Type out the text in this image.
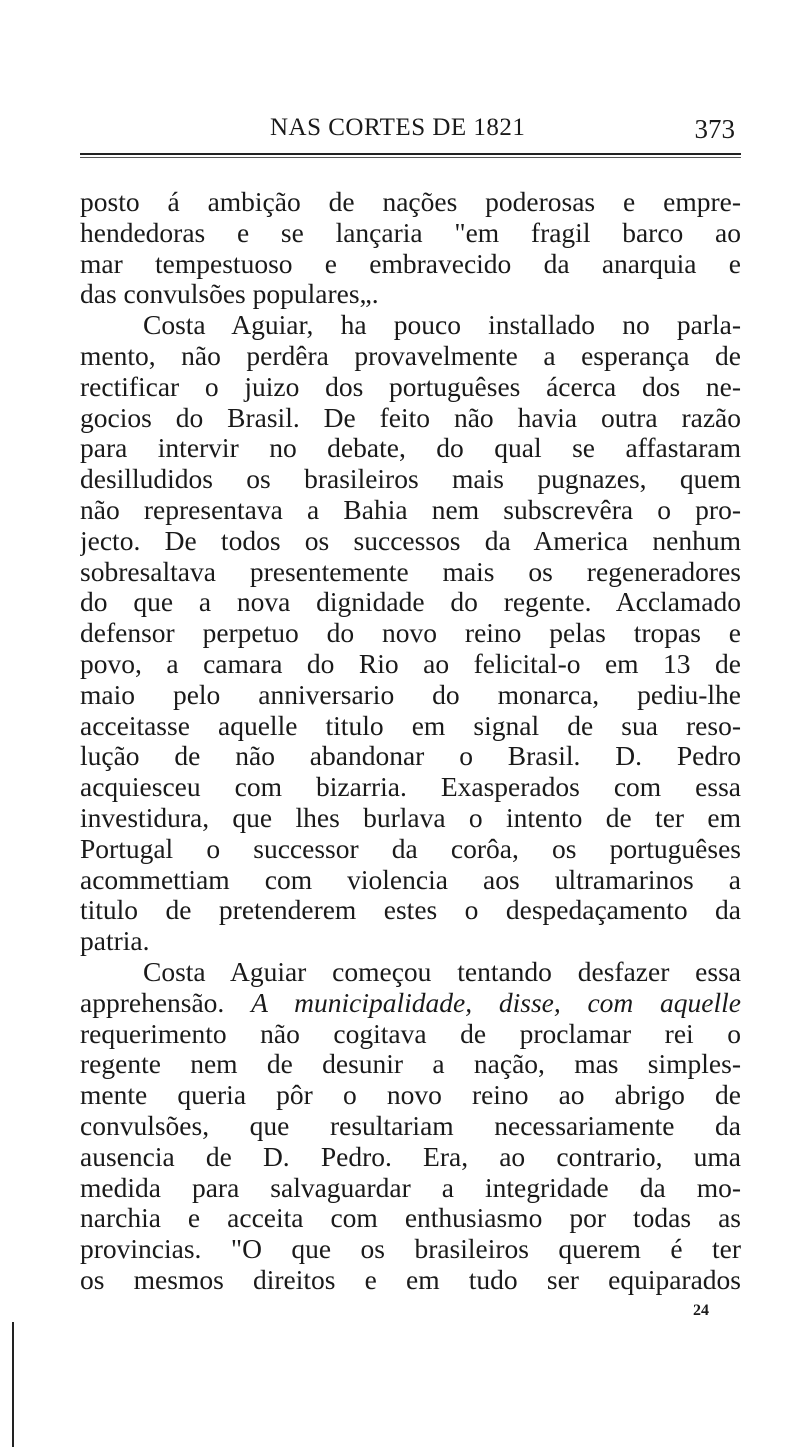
NAS CORTES DE 1821	373
posto á ambição de nações poderosas e empre-
hendedoras e se lançaria "em fragil barco ao
mar tempestuoso e embravecido da anarquia e
das convulsões populares„.
Costa Aguiar, ha pouco installado no parla-
mento, não perdêra provavelmente a esperança de
rectificar o juizo dos portuguêses ácerca dos ne-
gocios do Brasil. De feito não havia outra razão
para intervir no debate, do qual se affastaram
desilludidos os brasileiros mais pugnazes, quem
não representava a Bahia nem subscrevêra o pro-
jecto. De todos os successos da America nenhum
sobresaltava presentemente mais os regeneradores
do que a nova dignidade do regente. Acclamado
defensor perpetuo do novo reino pelas tropas e
povo, a camara do Rio ao felicital-o em 13 de
maio pelo anniversario do monarca, pediu-lhe
acceitasse aquelle titulo em signal de sua reso-
lução de não abandonar o Brasil. D. Pedro
acquiesceu com bizarria. Exasperados com essa
investidura, que lhes burlava o intento de ter em
Portugal o successor da corôa, os portuguêses
acommettiam com violencia aos ultramarinos a
titulo de pretenderem estes o despedaçamento da
patria.
Costa Aguiar começou tentando desfazer essa
apprehensão. A municipalidade, disse, com aquelle
requerimento não cogitava de proclamar rei o
regente nem de desunir a nação, mas simples-
mente queria pôr o novo reino ao abrigo de
convulsões, que resultariam necessariamente da
ausencia de D. Pedro. Era, ao contrario, uma
medida para salvaguardar a integridade da mo-
narchia e acceita com enthusiasmo por todas as
provincias. "O que os brasileiros querem é ter
os mesmos direitos e em tudo ser equiparados
24
